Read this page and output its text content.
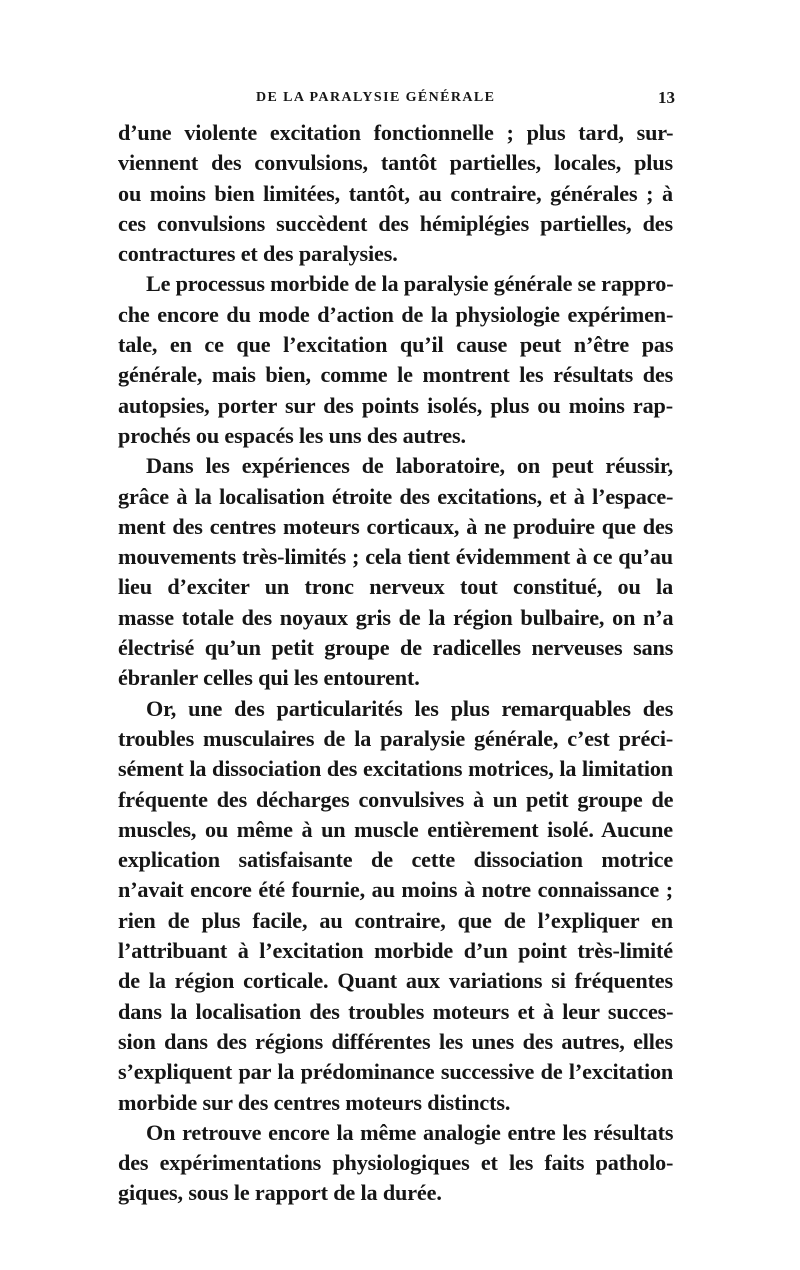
DE LA PARALYSIE GÉNÉRALE	13
d’une violente excitation fonctionnelle ; plus tard, sur-
viennent des convulsions, tantôt partielles, locales, plus
ou moins bien limitées, tantôt, au contraire, générales ; à
ces convulsions succèdent des hémiplégies partielles, des
contractures et des paralysies.
Le processus morbide de la paralysie générale se rappro-
che encore du mode d’action de la physiologie expérimen-
tale, en ce que l’excitation qu’il cause peut n’être pas
générale, mais bien, comme le montrent les résultats des
autopsies, porter sur des points isolés, plus ou moins rap-
prochés ou espacés les uns des autres.
Dans les expériences de laboratoire, on peut réussir,
grâce à la localisation étroite des excitations, et à l’espace-
ment des centres moteurs corticaux, à ne produire que des
mouvements très-limités ; cela tient évidemment à ce qu’au
lieu d’exciter un tronc nerveux tout constitué, ou la
masse totale des noyaux gris de la région bulbaire, on n’a
électrisé qu’un petit groupe de radicelles nerveuses sans
ébranler celles qui les entourent.
Or, une des particularités les plus remarquables des
troubles musculaires de la paralysie générale, c’est préci-
sément la dissociation des excitations motrices, la limitation
fréquente des décharges convulsives à un petit groupe de
muscles, ou même à un muscle entièrement isolé. Aucune
explication satisfaisante de cette dissociation motrice
n’avait encore été fournie, au moins à notre connaissance ;
rien de plus facile, au contraire, que de l’expliquer en
l’attribuant à l’excitation morbide d’un point très-limité
de la région corticale. Quant aux variations si fréquentes
dans la localisation des troubles moteurs et à leur succes-
sion dans des régions différentes les unes des autres, elles
s’expliquent par la prédominance successive de l’excitation
morbide sur des centres moteurs distincts.
On retrouve encore la même analogie entre les résultats
des expérimentations physiologiques et les faits patholo-
giques, sous le rapport de la durée.
